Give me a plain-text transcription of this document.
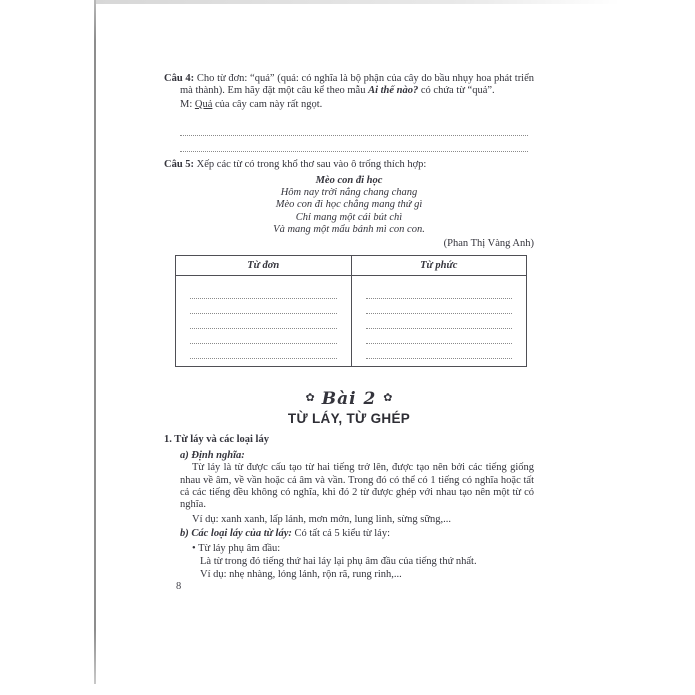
Câu 4: Cho từ đơn: “quả” (quả: có nghĩa là bộ phận của cây do bầu nhụy hoa phát triển mà thành). Em hãy đặt một câu kể theo mẫu Ai thế nào? có chứa từ “quả”.

M: Quả của cây cam này rất ngọt.

Câu 5: Xếp các từ có trong khổ thơ sau vào ô trống thích hợp:

Mèo con đi học

Hôm nay trời nắng chang chang

Mèo con đi học chẳng mang thứ gì

Chỉ mang một cái bút chì

Và mang một mẩu bánh mì con con.

(Phan Thị Vàng Anh)

Từ đơn	Từ phức

✿ Bài 2 ✿
TỪ LÁY, TỪ GHÉP
1. Từ láy và các loại láy

a) Định nghĩa:

Từ láy là từ được cấu tạo từ hai tiếng trở lên, được tạo nên bởi các tiếng giống nhau về âm, về vần hoặc cả âm và vần. Trong đó có thể có 1 tiếng có nghĩa hoặc tất cả các tiếng đều không có nghĩa, khi đó 2 từ được ghép với nhau tạo nên một từ có nghĩa.

Ví dụ: xanh xanh, lấp lánh, mơn mởn, lung linh, sừng sững,...

b) Các loại láy của từ láy: Có tất cả 5 kiểu từ láy:

• Từ láy phụ âm đầu:

Là từ trong đó tiếng thứ hai láy lại phụ âm đầu của tiếng thứ nhất.

Ví dụ: nhẹ nhàng, lóng lánh, rộn rã, rung rinh,...

8
